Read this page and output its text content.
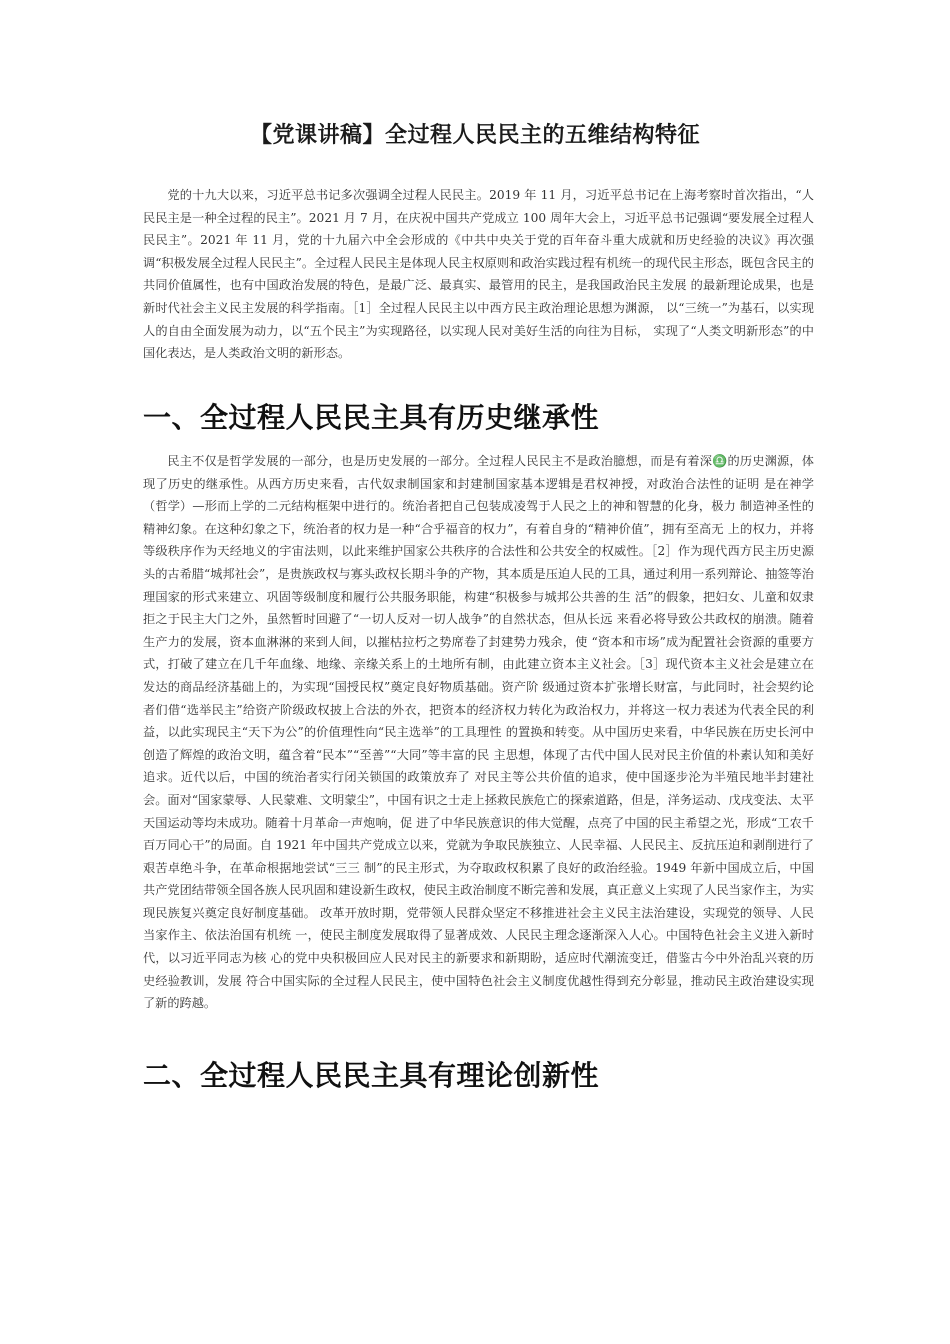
【党课讲稿】全过程人民民主的五维结构特征

党的十九大以来，习近平总书记多次强调全过程人民民主。2019 年 11 月，习近平总书记在上海考察时首次指出，“人民民主是一种全过程的民主”。2021 月 7 月，在庆祝中国共产党成立 100 周年大会上，习近平总书记强调“要发展全过程人民民主”。2021 年 11 月，党的十九届六中全会形成的《中共中央关于党的百年奋斗重大成就和历史经验的决议》再次强调“积极发展全过程人民民主”。全过程人民民主是体现人民主权原则和政治实践过程有机统一的现代民主形态，既包含民主的共同价值属性，也有中国政治发展的特色，是最广泛、最真实、最管用的民主，是我国政治民主发展 的最新理论成果，也是新时代社会主义民主发展的科学指南。［1］全过程人民民主以中西方民主政治理论思想为渊源， 以“三统一”为基石，以实现人的自由全面发展为动力，以“五个民主”为实现路径，以实现人民对美好生活的向往为目标， 实现了“人类文明新形态”的中国化表达，是人类政治文明的新形态。

一、全过程人民民主具有历史继承性

民主不仅是哲学发展的一部分，也是历史发展的一部分。全过程人民民主不是政治臆想，而是有着深♎的历史渊源，体现了历史的继承性。从西方历史来看，古代奴隶制国家和封建制国家基本逻辑是君权神授，对政治合法性的证明 是在神学（哲学）—形而上学的二元结构框架中进行的。统治者把自己包装成凌驾于人民之上的神和智慧的化身，极力 制造神圣性的精神幻象。在这种幻象之下，统治者的权力是一种“合乎福音的权力”，有着自身的“精神价值”，拥有至高无 上的权力，并将等级秩序作为天经地义的宇宙法则，以此来维护国家公共秩序的合法性和公共安全的权威性。［2］作为现代西方民主历史源头的古希腊“城邦社会”，是贵族政权与寡头政权长期斗争的产物，其本质是压迫人民的工具，通过利用一系列辩论、抽签等治理国家的形式来建立、巩固等级制度和履行公共服务职能，构建“积极参与城邦公共善的生 活”的假象，把妇女、儿童和奴隶拒之于民主大门之外，虽然暂时回避了“一切人反对一切人战争”的自然状态，但从长远 来看必将导致公共政权的崩溃。随着生产力的发展，资本血淋淋的来到人间，以摧枯拉朽之势席卷了封建势力残余，使 “资本和市场”成为配置社会资源的重要方式，打破了建立在几千年血缘、地缘、亲缘关系上的土地所有制，由此建立资本主义社会。［3］现代资本主义社会是建立在发达的商品经济基础上的，为实现“国授民权”奠定良好物质基础。资产阶 级通过资本扩张增长财富，与此同时，社会契约论者们借“选举民主”给资产阶级政权披上合法的外衣，把资本的经济权力转化为政治权力，并将这一权力表述为代表全民的利益，以此实现民主“天下为公”的价值理性向“民主选举”的工具理性 的置换和转变。从中国历史来看，中华民族在历史长河中创造了辉煌的政治文明，蕴含着“民本”“至善”“大同”等丰富的民 主思想，体现了古代中国人民对民主价值的朴素认知和美好追求。近代以后，中国的统治者实行闭关锁国的政策放弃了 对民主等公共价值的追求，使中国逐步沦为半殖民地半封建社会。面对“国家蒙辱、人民蒙难、文明蒙尘”，中国有识之士走上拯救民族危亡的探索道路，但是，洋务运动、戊戌变法、太平天国运动等均未成功。随着十月革命一声炮响，促 进了中华民族意识的伟大觉醒，点亮了中国的民主希望之光，形成“工农千百万同心干”的局面。自 1921 年中国共产党成立以来，党就为争取民族独立、人民幸福、人民民主、反抗压迫和剥削进行了艰苦卓绝斗争，在革命根据地尝试“三三 制”的民主形式，为夺取政权积累了良好的政治经验。1949 年新中国成立后，中国共产党团结带领全国各族人民巩固和建设新生政权，使民主政治制度不断完善和发展，真正意义上实现了人民当家作主，为实现民族复兴奠定良好制度基础。 改革开放时期，党带领人民群众坚定不移推进社会主义民主法治建设，实现党的领导、人民当家作主、依法治国有机统 一，使民主制度发展取得了显著成效、人民民主理念逐渐深入人心。中国特色社会主义进入新时代，以习近平同志为核 心的党中央积极回应人民对民主的新要求和新期盼，适应时代潮流变迁，借鉴古今中外治乱兴衰的历史经验教训，发展 符合中国实际的全过程人民民主，使中国特色社会主义制度优越性得到充分彰显，推动民主政治建设实现了新的跨越。

二、全过程人民民主具有理论创新性
